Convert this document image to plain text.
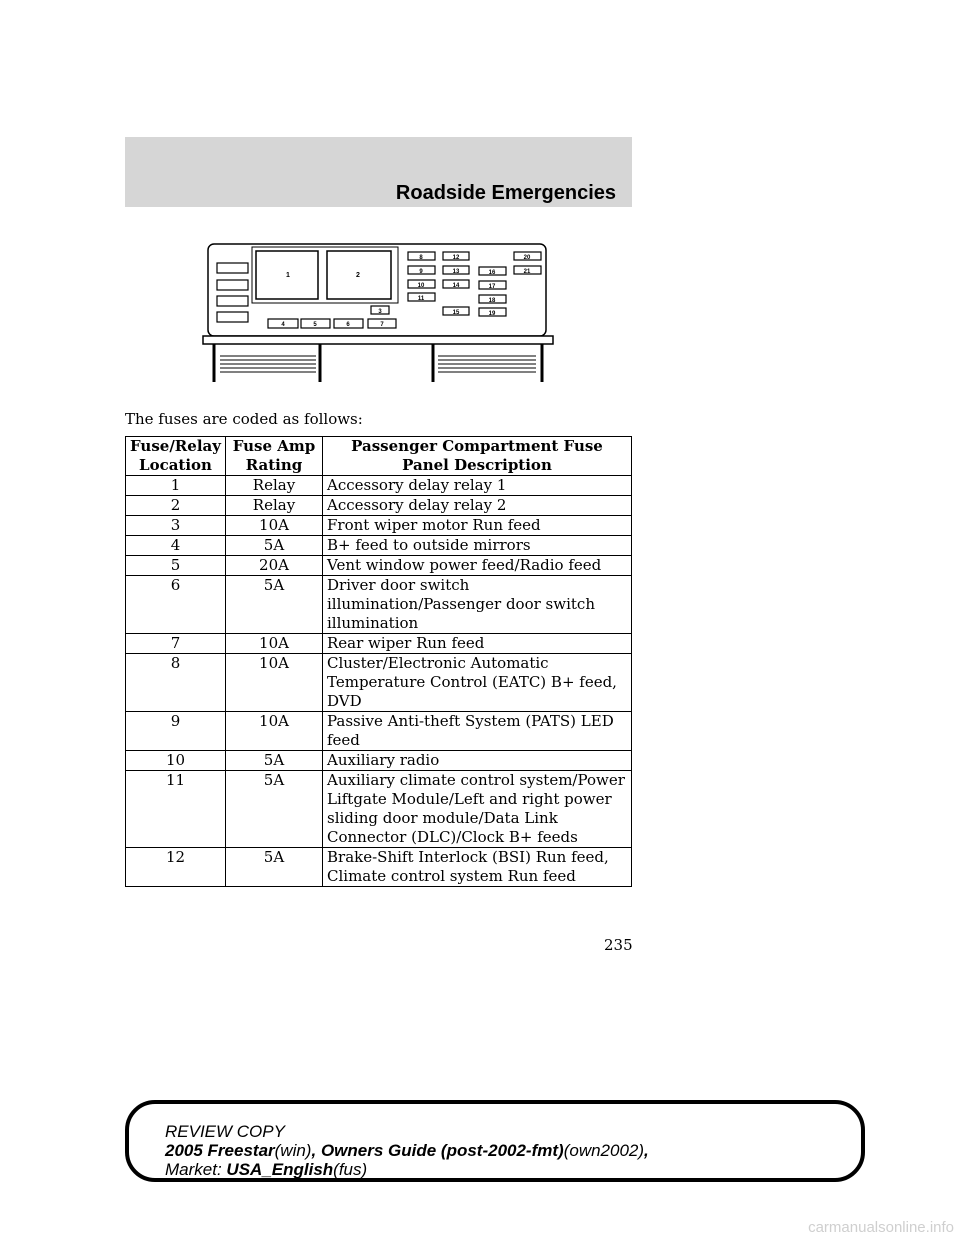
Roadside Emergencies
1	2
3
4	5	6	7
8
9
10
11
12
13
14
15
16
17
18
19
20
21
The fuses are coded as follows:
Fuse/Relay Location	Fuse Amp Rating	Passenger Compartment Fuse Panel Description
1	Relay	Accessory delay relay 1
2	Relay	Accessory delay relay 2
3	10A	Front wiper motor Run feed
4	5A	B+ feed to outside mirrors
5	20A	Vent window power feed/Radio feed
6	5A	Driver door switch illumination/Passenger door switch illumination
7	10A	Rear wiper Run feed
8	10A	Cluster/Electronic Automatic Temperature Control (EATC) B+ feed, DVD
9	10A	Passive Anti-theft System (PATS) LED feed
10	5A	Auxiliary radio
11	5A	Auxiliary climate control system/Power Liftgate Module/Left and right power sliding door module/Data Link Connector (DLC)/Clock B+ feeds
12	5A	Brake-Shift Interlock (BSI) Run feed, Climate control system Run feed
235
REVIEW COPY
2005 Freestar(win), Owners Guide (post-2002-fmt)(own2002),
Market: USA_English(fus)
carmanualsonline.info
